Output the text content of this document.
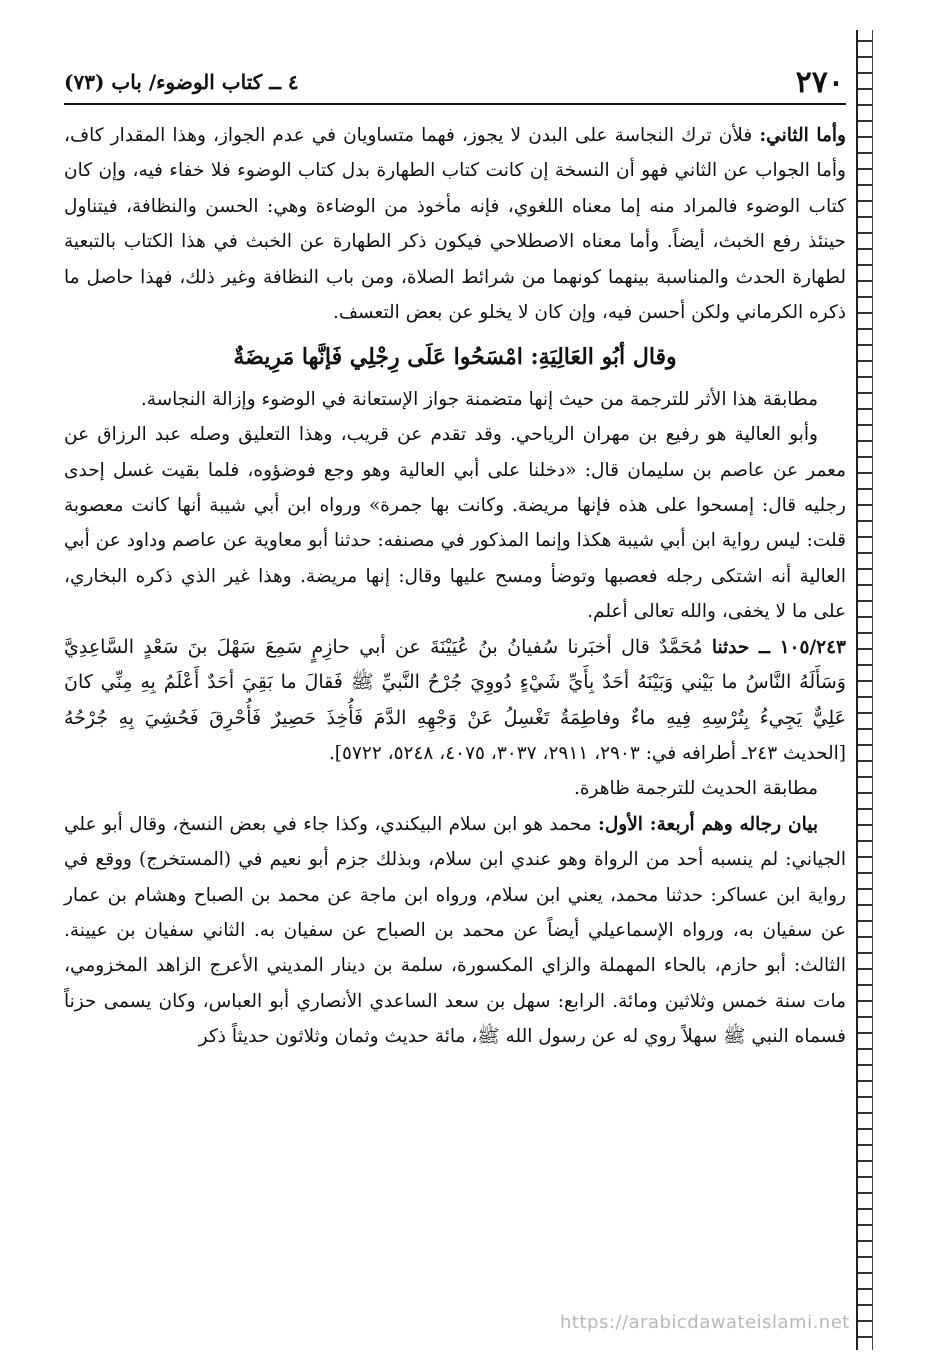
٢٧٠
٤ ــ كتاب الوضوء/ باب (٧٣)

وأما الثاني: فلأن ترك النجاسة على البدن لا يجوز، فهما متساويان في عدم الجواز، وهذا المقدار كاف، وأما الجواب عن الثاني فهو أن النسخة إن كانت كتاب الطهارة بدل كتاب الوضوء فلا خفاء فيه، وإن كان كتاب الوضوء فالمراد منه إما معناه اللغوي، فإنه مأخوذ من الوضاءة وهي: الحسن والنظافة، فيتناول حينئذ رفع الخبث، أيضاً. وأما معناه الاصطلاحي فيكون ذكر الطهارة عن الخبث في هذا الكتاب بالتبعية لطهارة الحدث والمناسبة بينهما كونهما من شرائط الصلاة، ومن باب النظافة وغير ذلك، فهذا حاصل ما ذكره الكرماني ولكن أحسن فيه، وإن كان لا يخلو عن بعض التعسف.

وقال أبُو العَالِيَةِ: امْسَحُوا عَلَى رِجْلِي فَإنَّها مَرِيضَةٌ

مطابقة هذا الأثر للترجمة من حيث إنها متضمنة جواز الإستعانة في الوضوء وإزالة النجاسة.

وأبو العالية هو رفيع بن مهران الرياحي. وقد تقدم عن قريب، وهذا التعليق وصله عبد الرزاق عن معمر عن عاصم بن سليمان قال: «دخلنا على أبي العالية وهو وجع فوضؤوه، فلما بقيت غسل إحدى رجليه قال: إمسحوا على هذه فإنها مريضة. وكانت بها جمرة» ورواه ابن أبي شيبة أنها كانت معصوبة قلت: ليس رواية ابن أبي شيبة هكذا وإنما المذكور في مصنفه: حدثنا أبو معاوية عن عاصم وداود عن أبي العالية أنه اشتكى رجله فعصبها وتوضأ ومسح عليها وقال: إنها مريضة. وهذا غير الذي ذكره البخاري، على ما لا يخفى، والله تعالى أعلم.

١٠٥/٢٤٣ ــ حدثنا مُحَمَّدٌ قال أخبَرنا سُفيانُ بنُ عُيَيْنَةَ عن أبي حازِمٍ سَمِعَ سَهْلَ بنَ سَعْدٍ السَّاعِدِيَّ وَسَأَلَهُ النَّاسُ ما بَيْني وَبَيْنَهُ أحَدٌ بِأَيِّ شَيْءٍ دُووِيَ جُرْحُ النَّبيِّ ﷺ فَقالَ ما بَقِيَ أحَدٌ أَعْلَمُ بِهِ مِنِّي كانَ عَلِيٌّ يَجِيءُ بِتُرْسِهِ فِيهِ ماءٌ وفاطِمَةُ تَغْسِلُ عَنْ وَجْهِهِ الدَّمَ فَأُخِذَ حَصِيرٌ فَأُحْرِقَ فَحُشِيَ بِهِ جُرْحُهُ [الحديث ٢٤٣ـ أطرافه في: ٢٩٠٣، ٢٩١١، ٣٠٣٧، ٤٠٧٥، ٥٢٤٨، ٥٧٢٢].

مطابقة الحديث للترجمة ظاهرة.

بيان رجاله وهم أربعة: الأول: محمد هو ابن سلام البيكندي، وكذا جاء في بعض النسخ، وقال أبو علي الجياني: لم ينسبه أحد من الرواة وهو عندي ابن سلام، وبذلك جزم أبو نعيم في (المستخرج) ووقع في رواية ابن عساكر: حدثنا محمد، يعني ابن سلام، ورواه ابن ماجة عن محمد بن الصباح وهشام بن عمار عن سفيان به، ورواه الإسماعيلي أيضاً عن محمد بن الصباح عن سفيان به. الثاني سفيان بن عيينة. الثالث: أبو حازم، بالحاء المهملة والزاي المكسورة، سلمة بن دينار المديني الأعرج الزاهد المخزومي، مات سنة خمس وثلاثين ومائة. الرابع: سهل بن سعد الساعدي الأنصاري أبو العباس، وكان يسمى حزناً فسماه النبي ﷺ سهلاً روي له عن رسول الله ﷺ، مائة حديث وثمان وثلاثون حديثاً ذكر

https://arabicdawateislami.net
